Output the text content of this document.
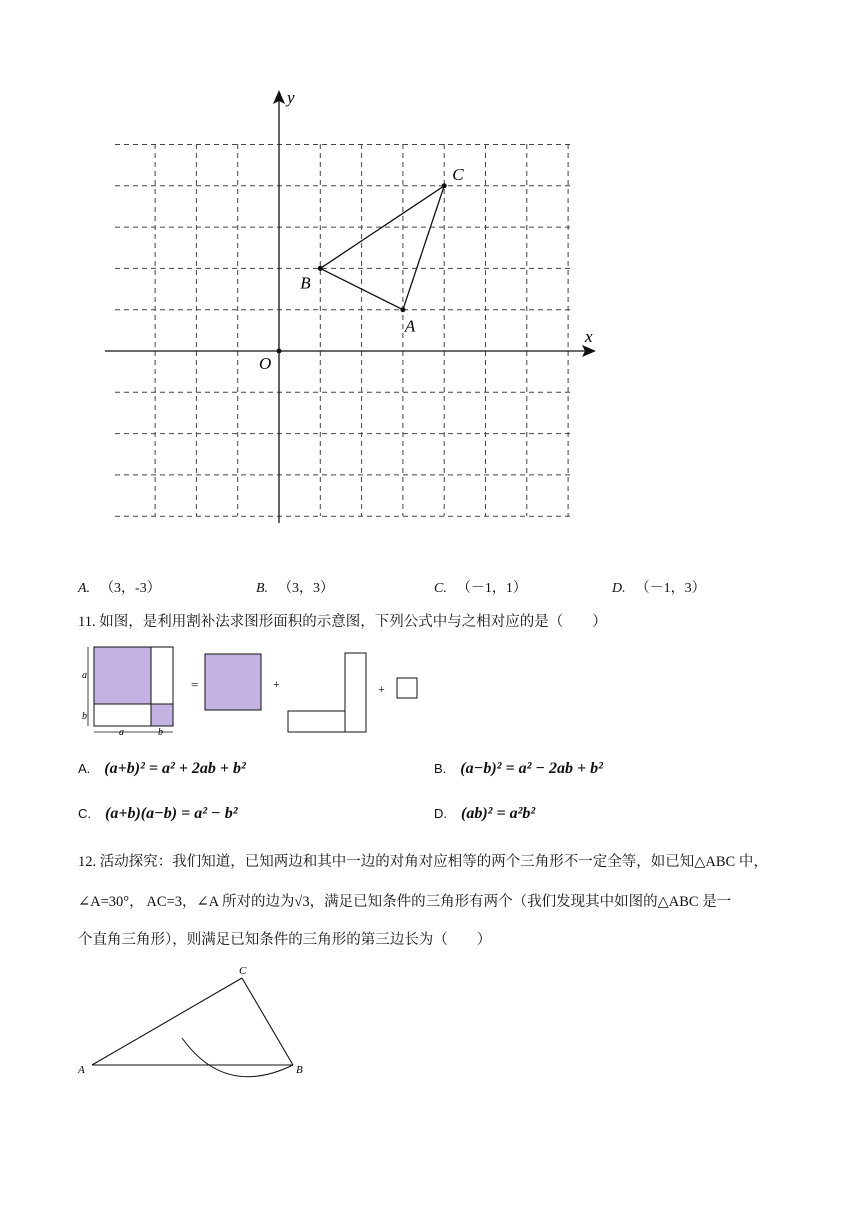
x
y
O
A
B
C
A. （3，-3）	B. （3，3）	C. （－1，1）	D. （－1，3）
11. 如图，是利用割补法求图形面积的示意图，下列公式中与之相对应的是（　　）
a
b
a	b
=	+	+
A. (a+b)² = a² + 2ab + b²	B. (a−b)² = a² − 2ab + b²
C. (a+b)(a−b) = a² − b²	D. (ab)² = a²b²
12. 活动探究：我们知道，已知两边和其中一边的对角对应相等的两个三角形不一定全等，如已知△ABC 中，
∠A=30°， AC=3，∠A 所对的边为√3，满足已知条件的三角形有两个（我们发现其中如图的△ABC 是一
个直角三角形），则满足已知条件的三角形的第三边长为（　　）
A	B
C
